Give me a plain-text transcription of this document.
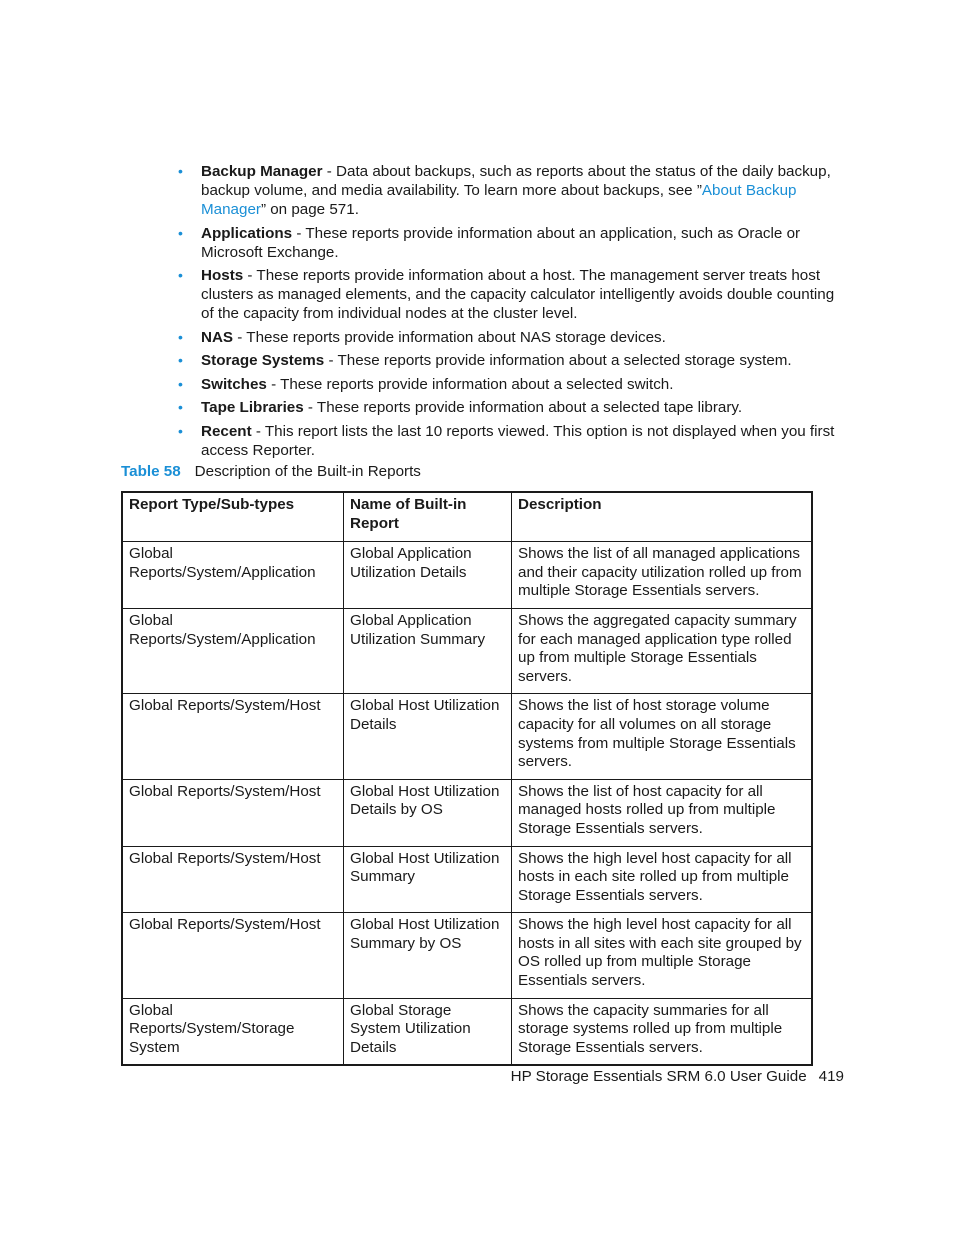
• Backup Manager - Data about backups, such as reports about the status of the daily backup, backup volume, and media availability. To learn more about backups, see ”About Backup Manager” on page 571.
• Applications - These reports provide information about an application, such as Oracle or Microsoft Exchange.
• Hosts - These reports provide information about a host. The management server treats host clusters as managed elements, and the capacity calculator intelligently avoids double counting of the capacity from individual nodes at the cluster level.
• NAS - These reports provide information about NAS storage devices.
• Storage Systems - These reports provide information about a selected storage system.
• Switches - These reports provide information about a selected switch.
• Tape Libraries - These reports provide information about a selected tape library.
• Recent - This report lists the last 10 reports viewed. This option is not displayed when you first access Reporter.
Table 58 Description of the Built-in Reports
Report Type/Sub-types	Name of Built-in Report	Description
Global Reports/System/Application	Global Application Utilization Details	Shows the list of all managed applications and their capacity utilization rolled up from multiple Storage Essentials servers.
Global Reports/System/Application	Global Application Utilization Summary	Shows the aggregated capacity summary for each managed application type rolled up from multiple Storage Essentials servers.
Global Reports/System/Host	Global Host Utilization Details	Shows the list of host storage volume capacity for all volumes on all storage systems from multiple Storage Essentials servers.
Global Reports/System/Host	Global Host Utilization Details by OS	Shows the list of host capacity for all managed hosts rolled up from multiple Storage Essentials servers.
Global Reports/System/Host	Global Host Utilization Summary	Shows the high level host capacity for all hosts in each site rolled up from multiple Storage Essentials servers.
Global Reports/System/Host	Global Host Utilization Summary by OS	Shows the high level host capacity for all hosts in all sites with each site grouped by OS rolled up from multiple Storage Essentials servers.
Global Reports/System/Storage System	Global Storage System Utilization Details	Shows the capacity summaries for all storage systems rolled up from multiple Storage Essentials servers.
HP Storage Essentials SRM 6.0 User Guide 419
